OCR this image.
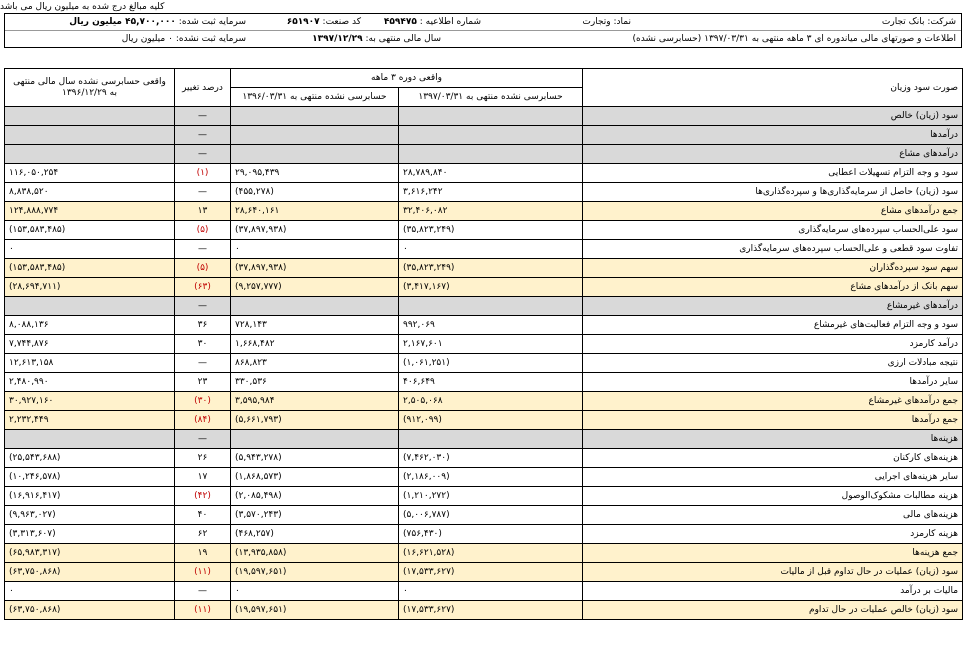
کلیه مبالغ درج شده به میلیون ریال می باشد
شرکت: بانک تجارت
نماد: وتجارت
شماره اطلاعیه : ۴۵۹۴۷۵
کد صنعت: ۶۵۱۹۰۷
سرمایه ثبت شده: ۴۵,۷۰۰,۰۰۰ میلیون ریال
اطلاعات و صورتهای مالی میاندوره ای ۳ ماهه منتهی به ۱۳۹۷/۰۳/۳۱ (حسابرسی نشده)
سال مالی منتهی به: ۱۳۹۷/۱۲/۲۹
سرمایه ثبت نشده: ۰ میلیون ریال
صورت سود وزیان	واقعی دوره ۳ ماهه		درصد تغییر	واقعی حسابرسی نشده سال مالی منتهی به ۱۳۹۶/۱۲/۲۹
	حسابرسی نشده منتهی به ۱۳۹۷/۰۳/۳۱	حسابرسی نشده منتهی به ۱۳۹۶/۰۳/۳۱		
سود (زیان) خالص			—	
درآمدها			—	
درآمدهای مشاع			—	
سود و وجه التزام تسهیلات اعطایی	۲۸,۷۸۹,۸۴۰	۲۹,۰۹۵,۴۳۹	(۱)	۱۱۶,۰۵۰,۲۵۴
سود (زیان) حاصل از سرمایه‌گذاری‌ها و سپرده‌گذاری‌ها	۳,۶۱۶,۲۴۲	(۴۵۵,۲۷۸)	—	۸,۸۳۸,۵۲۰
جمع درآمدهای مشاع	۳۲,۴۰۶,۰۸۲	۲۸,۶۴۰,۱۶۱	۱۳	۱۲۴,۸۸۸,۷۷۴
سود علی‌الحساب سپرده‌های سرمایه‌گذاری	(۳۵,۸۲۳,۲۴۹)	(۳۷,۸۹۷,۹۳۸)	(۵)	(۱۵۳,۵۸۳,۴۸۵)
تفاوت سود قطعی و علی‌الحساب سپرده‌های سرمایه‌گذاری	۰	۰	—	۰
سهم سود سپرده‌گذاران	(۳۵,۸۲۳,۲۴۹)	(۳۷,۸۹۷,۹۳۸)	(۵)	(۱۵۳,۵۸۳,۴۸۵)
سهم بانک از درآمدهای مشاع	(۳,۴۱۷,۱۶۷)	(۹,۲۵۷,۷۷۷)	(۶۳)	(۲۸,۶۹۴,۷۱۱)
درآمدهای غیرمشاع			—	
سود و وجه التزام فعالیت‌های غیرمشاع	۹۹۲,۰۶۹	۷۲۸,۱۴۳	۳۶	۸,۰۸۸,۱۳۶
درآمد کارمزد	۲,۱۶۷,۶۰۱	۱,۶۶۸,۴۸۲	۳۰	۷,۷۴۴,۸۷۶
نتیجه مبادلات ارزی	(۱,۰۶۱,۲۵۱)	۸۶۸,۸۲۳	—	۱۲,۶۱۳,۱۵۸
سایر درآمدها	۴۰۶,۶۴۹	۳۳۰,۵۳۶	۲۳	۲,۴۸۰,۹۹۰
جمع درآمدهای غیرمشاع	۲,۵۰۵,۰۶۸	۳,۵۹۵,۹۸۴	(۳۰)	۳۰,۹۲۷,۱۶۰
جمع درآمدها	(۹۱۲,۰۹۹)	(۵,۶۶۱,۷۹۳)	(۸۴)	۲,۲۳۲,۴۴۹
هزینه‌ها			—	
هزینه‌های کارکنان	(۷,۴۶۲,۰۳۰)	(۵,۹۴۳,۲۷۸)	۲۶	(۲۵,۵۴۳,۶۸۸)
سایر هزینه‌های اجرایی	(۲,۱۸۶,۰۰۹)	(۱,۸۶۸,۵۷۳)	۱۷	(۱۰,۲۴۶,۵۷۸)
هزینه مطالبات مشکوک‌الوصول	(۱,۲۱۰,۲۷۲)	(۲,۰۸۵,۴۹۸)	(۴۲)	(۱۶,۹۱۶,۴۱۷)
هزینه‌های مالی	(۵,۰۰۶,۷۸۷)	(۳,۵۷۰,۲۴۳)	۴۰	(۹,۹۶۳,۰۲۷)
هزینه کارمزد	(۷۵۶,۴۳۰)	(۴۶۸,۲۵۷)	۶۲	(۳,۳۱۳,۶۰۷)
جمع هزینه‌ها	(۱۶,۶۲۱,۵۲۸)	(۱۳,۹۳۵,۸۵۸)	۱۹	(۶۵,۹۸۳,۳۱۷)
سود (زیان) عملیات در حال تداوم قبل از مالیات	(۱۷,۵۳۳,۶۲۷)	(۱۹,۵۹۷,۶۵۱)	(۱۱)	(۶۳,۷۵۰,۸۶۸)
مالیات بر درآمد	۰	۰	—	۰
سود (زیان) خالص عملیات در حال تداوم	(۱۷,۵۳۳,۶۲۷)	(۱۹,۵۹۷,۶۵۱)	(۱۱)	(۶۳,۷۵۰,۸۶۸)
